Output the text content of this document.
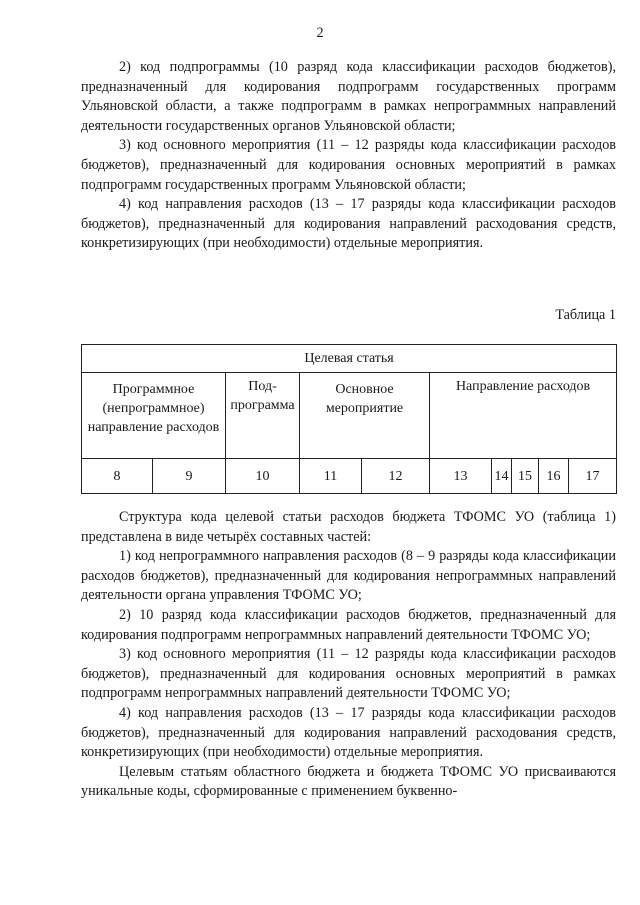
2

2) код подпрограммы (10 разряд кода классификации расходов бюджетов), предназначенный для кодирования подпрограмм государственных программ Ульяновской области, а также подпрограмм в рамках непрограммных направлений деятельности государственных органов Ульяновской области;

3) код основного мероприятия (11 – 12 разряды кода классификации расходов бюджетов), предназначенный для кодирования основных мероприятий в рамках подпрограмм государственных программ Ульяновской области;

4) код направления расходов (13 – 17 разряды кода классификации расходов бюджетов), предназначенный для кодирования направлений расходования средств, конкретизирующих (при необходимости) отдельные мероприятия.

Таблица 1
Целевая статья									
Программное (непрограммное) направление расходов		Под-программа	Основное мероприятие		Направление расходов				
8	9	10	11	12	13	14	15	16	17

Структура кода целевой статьи расходов бюджета ТФОМС УО (таблица 1) представлена в виде четырёх составных частей:

1) код непрограммного направления расходов (8 – 9 разряды кода классификации расходов бюджетов), предназначенный для кодирования непрограммных направлений деятельности органа управления ТФОМС УО;

2) 10 разряд кода классификации расходов бюджетов, предназначенный для кодирования подпрограмм непрограммных направлений деятельности ТФОМС УО;

3) код основного мероприятия (11 – 12 разряды кода классификации расходов бюджетов), предназначенный для кодирования основных мероприятий в рамках подпрограмм непрограммных направлений деятельности ТФОМС УО;

4) код направления расходов (13 – 17 разряды кода классификации расходов бюджетов), предназначенный для кодирования направлений расходования средств, конкретизирующих (при необходимости) отдельные мероприятия.

Целевым статьям областного бюджета и бюджета ТФОМС УО присваиваются уникальные коды, сформированные с применением буквенно-
